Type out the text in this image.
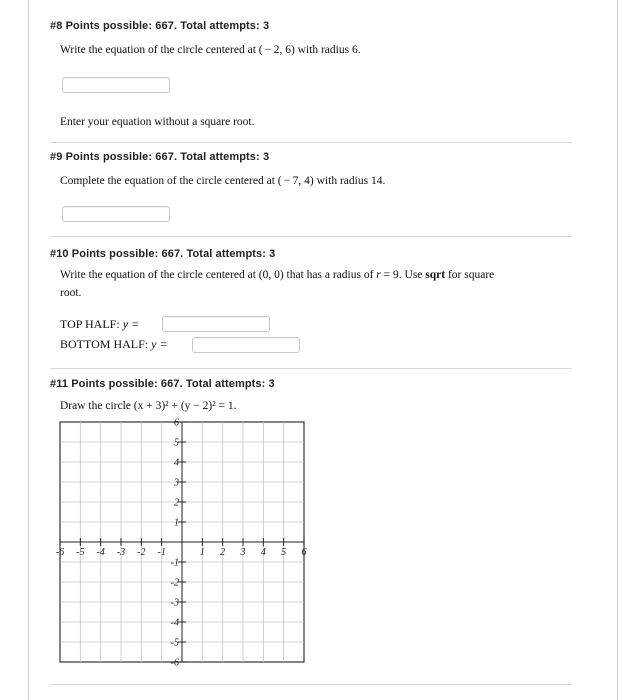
#8 Points possible: 667. Total attempts: 3
Write the equation of the circle centered at ( − 2, 6) with radius 6.
Enter your equation without a square root.
#9 Points possible: 667. Total attempts: 3
Complete the equation of the circle centered at ( − 7, 4) with radius 14.
#10 Points possible: 667. Total attempts: 3
Write the equation of the circle centered at (0, 0) that has a radius of r = 9. Use sqrt for square
root.
TOP HALF: y =
BOTTOM HALF: y =
#11 Points possible: 667. Total attempts: 3
Draw the circle (x + 3)² + (y − 2)² = 1.
-6 -5 -4 -3 -2 -1	1 2 3 4 5 6
-6
-5
-4
-3
-2
-1
1
2
3
4
5
6
